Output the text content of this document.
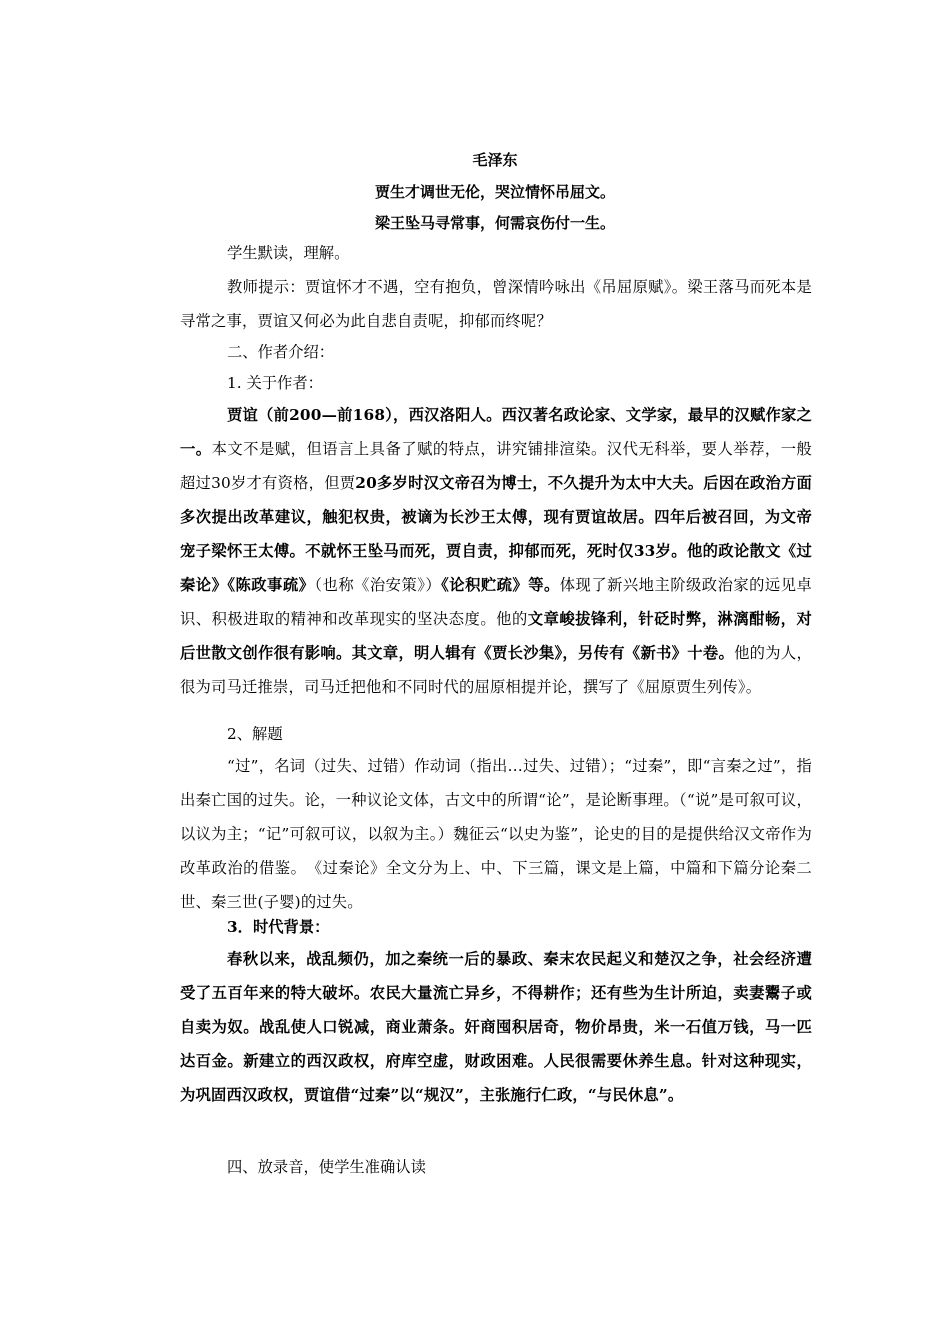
毛泽东
贾生才调世无伦，哭泣情怀吊屈文。
梁王坠马寻常事，何需哀伤付一生。
学生默读，理解。
教师提示：贾谊怀才不遇，空有抱负，曾深情吟咏出《吊屈原赋》。梁王落马而死本是寻常之事，贾谊又何必为此自悲自责呢，抑郁而终呢？
二、作者介绍：
1. 关于作者：
贾谊（前200—前168），西汉洛阳人。西汉著名政论家、文学家，最早的汉赋作家之一。本文不是赋，但语言上具备了赋的特点，讲究铺排渲染。汉代无科举，要人举荐，一般超过30岁才有资格，但贾20多岁时汉文帝召为博士，不久提升为太中大夫。后因在政治方面多次提出改革建议，触犯权贵，被谪为长沙王太傅，现有贾谊故居。四年后被召回，为文帝宠子梁怀王太傅。不就怀王坠马而死，贾自责，抑郁而死，死时仅33岁。他的政论散文《过秦论》《陈政事疏》（也称《治安策》）《论积贮疏》等。体现了新兴地主阶级政治家的远见卓识、积极进取的精神和改革现实的坚决态度。他的文章峻拔锋利，针砭时弊，淋漓酣畅，对后世散文创作很有影响。其文章，明人辑有《贾长沙集》，另传有《新书》十卷。他的为人，很为司马迁推崇，司马迁把他和不同时代的屈原相提并论，撰写了《屈原贾生列传》。
2、解题
“过”，名词（过失、过错）作动词（指出…过失、过错）；“过秦”，即“言秦之过”，指出秦亡国的过失。论，一种议论文体，古文中的所谓“论”，是论断事理。（“说”是可叙可议，以议为主；“记”可叙可议，以叙为主。）魏征云“以史为鉴”，论史的目的是提供给汉文帝作为改革政治的借鉴。　《过秦论》全文分为上、中、下三篇，课文是上篇，中篇和下篇分论秦二世、秦三世(子婴)的过失。
3．时代背景：
春秋以来，战乱频仍，加之秦统一后的暴政、秦末农民起义和楚汉之争，社会经济遭受了五百年来的特大破坏。农民大量流亡异乡，不得耕作；还有些为生计所迫，卖妻鬻子或自卖为奴。战乱使人口锐减，商业萧条。奸商囤积居奇，物价昂贵，米一石值万钱，马一匹达百金。新建立的西汉政权，府库空虚，财政困难。人民很需要休养生息。针对这种现实，为巩固西汉政权，贾谊借“过秦”以“规汉”，主张施行仁政，“与民休息”。
四、放录音，使学生准确认读
